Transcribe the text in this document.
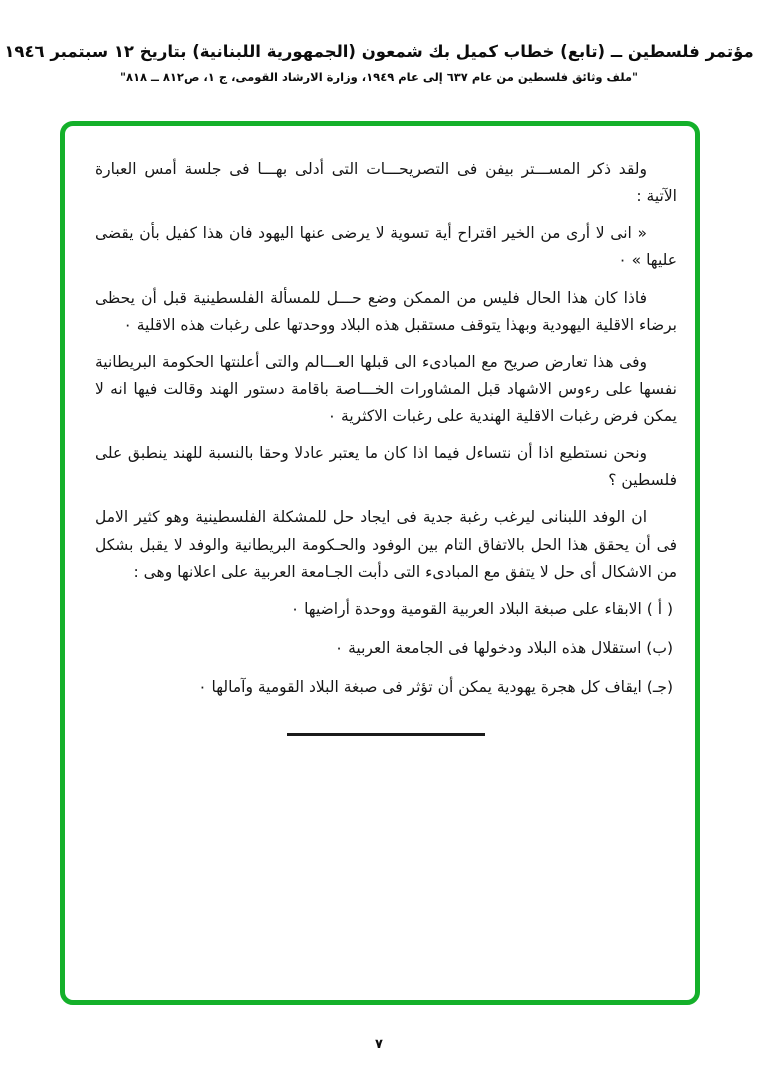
مؤتمر فلسطين ــ (تابع) خطاب كميل بك شمعون (الجمهورية اللبنانية) بتاريخ ١٢ سبتمبر ١٩٤٦
"ملف وثائق فلسطين من عام ٦٣٧ إلى عام ١٩٤٩، وزارة الارشاد القومى، ج ١، ص٨١٢ ــ ٨١٨"

ولقد ذكر المســـتر بيفن فى التصريحـــات التى أدلى بهـــا فى جلسة أمس العبارة الآتية :

« انى لا أرى من الخير اقتراح أية تسوية لا يرضى عنها اليهود فان هذا كفيل بأن يقضى عليها » ٠

فاذا كان هذا الحال فليس من الممكن وضع حـــل للمسألة الفلسطينية قبل أن يحظى برضاء الاقلية اليهودية وبهذا يتوقف مستقبل هذه البلاد ووحدتها على رغبات هذه الاقلية ٠

وفى هذا تعارض صريح مع المبادىء الى قبلها العـــالم والتى أعلنتها الحكومة البريطانية نفسها على رءوس الاشهاد قبل المشاورات الخـــاصة باقامة دستور الهند وقالت فيها انه لا يمكن فرض رغبات الاقلية الهندية على رغبات الاكثرية ٠

ونحن نستطيع اذا أن نتساءل فيما اذا كان ما يعتبر عادلا وحقا بالنسبة للهند ينطبق على فلسطين ؟

ان الوفد اللبنانى ليرغب رغبة جدية فى ايجاد حل للمشكلة الفلسطينية وهو كثير الامل فى أن يحقق هذا الحل بالاتفاق التام بين الوفود والحـكومة البريطانية والوفد لا يقبل بشكل من الاشكال أى حل لا يتفق مع المبادىء التى دأبت الجـامعة العربية على اعلانها وهى :

( أ ) الابقاء على صبغة البلاد العربية القومية ووحدة أراضيها ٠

(ب) استقلال هذه البلاد ودخولها فى الجامعة العربية ٠

(جـ) ايقاف كل هجرة يهودية يمكن أن تؤثر فى صبغة البلاد القومية وآمالها ٠

٧
